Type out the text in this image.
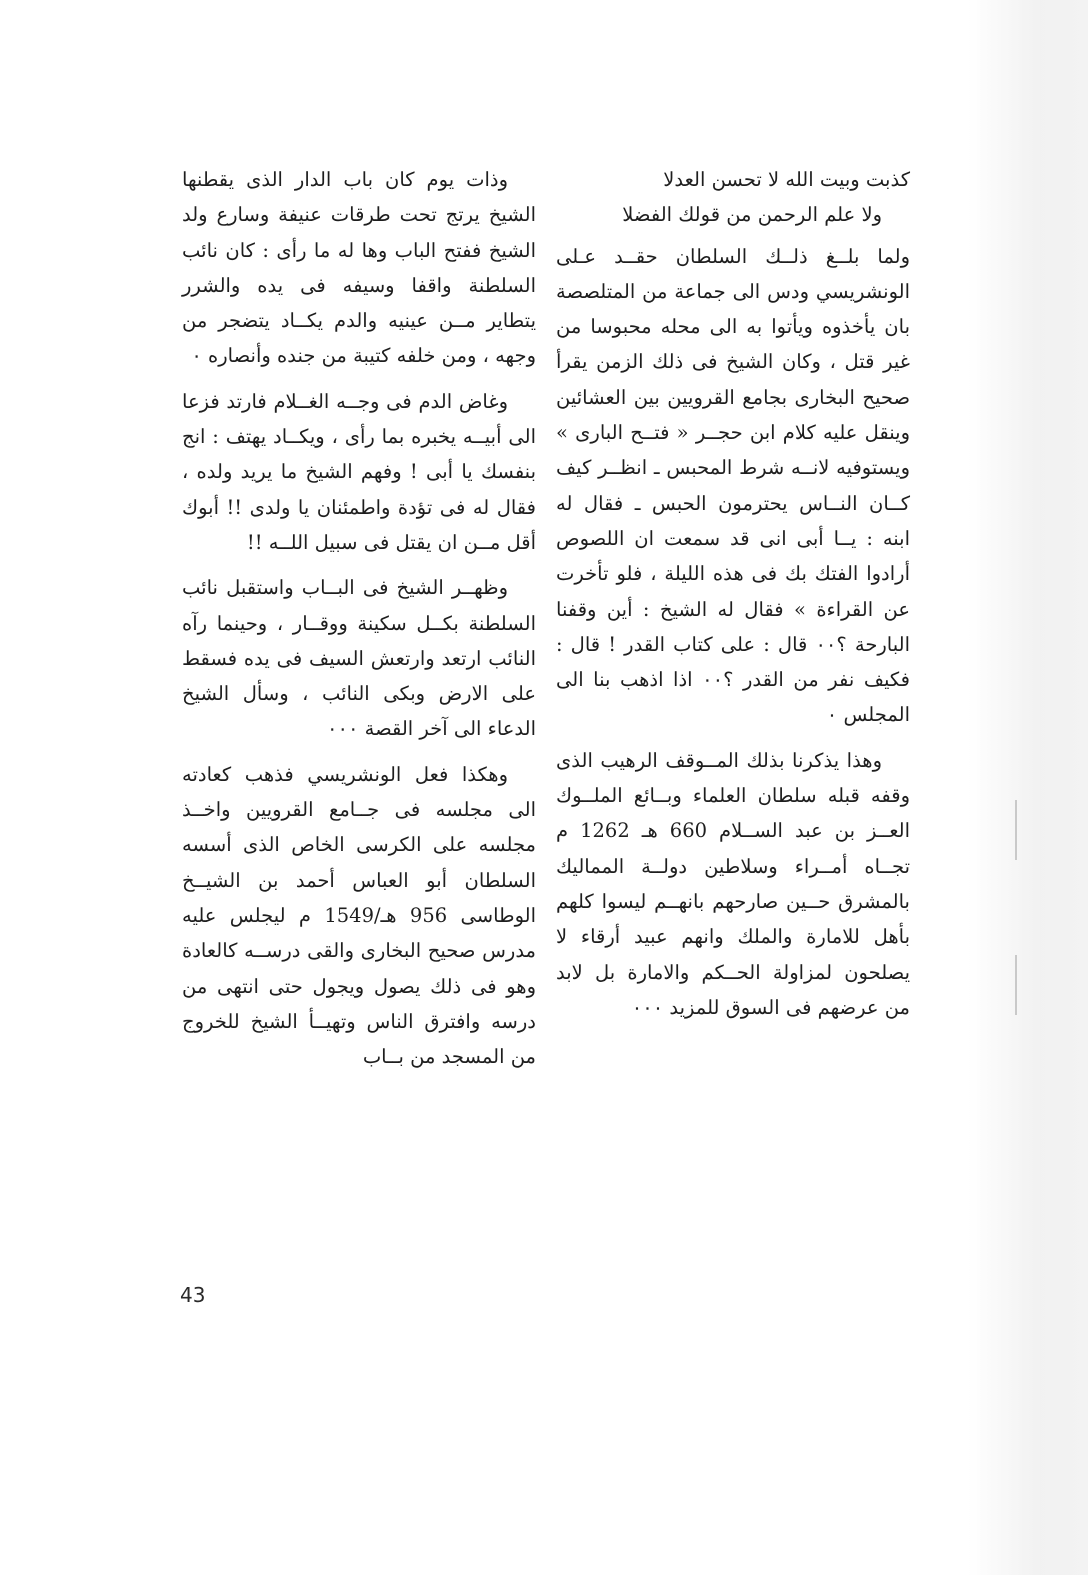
كذبت وبيت الله لا تحسن العدلا

ولا علم الرحمن من قولك الفضلا

ولما بلــغ ذلــك السلطان حقــد عـلى الونشريسي ودس الى جماعة من المتلصصة بان يأخذوه ويأتوا به الى محله محبوسا من غير قتل ، وكان الشيخ فى ذلك الزمن يقرأ صحيح البخارى بجامع القرويين بين العشائين وينقل عليه كلام ابن حجــر « فتــح البارى » ويستوفيه لانــه شرط المحبس ـ انظــر كيف كــان النــاس يحترمون الحبس ـ فقال له ابنه : يــا أبى انى قد سمعت ان اللصوص أرادوا الفتك بك فى هذه الليلة ، فلو تأخرت عن القراءة » فقال له الشيخ : أين وقفنا البارحة ؟٠٠ قال : على كتاب القدر ! قال : فكيف نفر من القدر ؟٠٠ اذا اذهب بنا الى المجلس ٠

وهذا يذكرنا بذلك المــوقف الرهيب الذى وقفه قبله سلطان العلماء وبــائع الملــوك العــز بن عبد الســلام 660 هـ 1262 م تجــاه أمــراء وسلاطين دولــة المماليك بالمشرق حــين صارحهم بانهــم ليسوا كلهم بأهل للامارة والملك وانهم عبيد أرقاء لا يصلحون لمزاولة الحــكم والامارة بل لابد من عرضهم فى السوق للمزيد ٠٠٠

وذات يوم كان باب الدار الذى يقطنها الشيخ يرتج تحت طرقات عنيفة وسارع ولد الشيخ ففتح الباب وها له ما رأى : كان نائب السلطنة واقفا وسيفه فى يده والشرر يتطاير مــن عينيه والدم يكــاد يتضجر من وجهه ، ومن خلفه كتيبة من جنده وأنصاره ٠

وغاض الدم فى وجــه الغــلام فارتد فزعا الى أبيــه يخبره بما رأى ، ويكــاد يهتف : انج بنفسك يا أبى ! وفهم الشيخ ما يريد ولده ، فقال له فى تؤدة واطمئنان يا ولدى !! أبوك أقل مــن ان يقتل فى سبيل اللــه !!

وظهــر الشيخ فى البــاب واستقبل نائب السلطنة بكــل سكينة ووقــار ، وحينما رآه النائب ارتعد وارتعش السيف فى يده فسقط على الارض وبكى النائب ، وسأل الشيخ الدعاء الى آخر القصة ٠٠٠

وهكذا فعل الونشريسي فذهب كعادته الى مجلسه فى جــامع القرويين واخــذ مجلسه على الكرسى الخاص الذى أسسه السلطان أبو العباس أحمد بن الشيــخ الوطاسى 956 هـ/1549 م ليجلس عليه مدرس صحيح البخارى والقى درســه كالعادة وهو فى ذلك يصول ويجول حتى انتهى من درسه وافترق الناس وتهيــأ الشيخ للخروج من المسجد من بــاب

43
